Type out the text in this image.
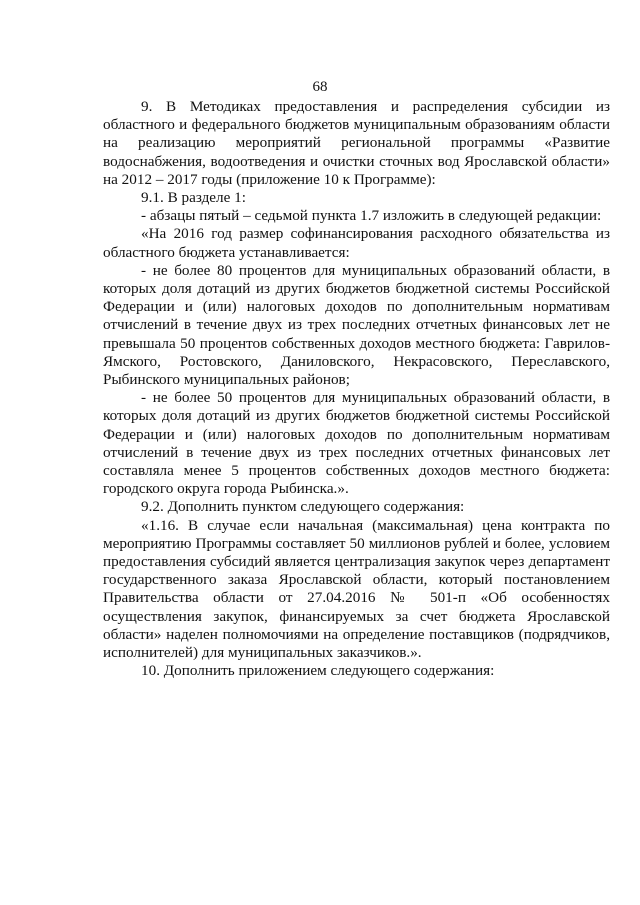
68

9. В Методиках предоставления и распределения субсидии из областного и федерального бюджетов муниципальным образованиям области на реализацию мероприятий региональной программы «Развитие водоснабжения, водоотведения и очистки сточных вод Ярославской области» на 2012 – 2017 годы (приложение 10 к Программе):

9.1. В разделе 1:

- абзацы пятый – седьмой пункта 1.7 изложить в следующей редакции:

«На 2016 год размер софинансирования расходного обязательства из областного бюджета устанавливается:

- не более 80 процентов для муниципальных образований области, в которых доля дотаций из других бюджетов бюджетной системы Российской Федерации и (или) налоговых доходов по дополнительным нормативам отчислений в течение двух из трех последних отчетных финансовых лет не превышала 50 процентов собственных доходов местного бюджета: Гаврилов-Ямского, Ростовского, Даниловского, Некрасовского, Переславского, Рыбинского муниципальных районов;

- не более 50 процентов для муниципальных образований области, в которых доля дотаций из других бюджетов бюджетной системы Российской Федерации и (или) налоговых доходов по дополнительным нормативам отчислений в течение двух из трех последних отчетных финансовых лет составляла менее 5 процентов собственных доходов местного бюджета: городского округа города Рыбинска.».

9.2. Дополнить пунктом следующего содержания:

«1.16. В случае если начальная (максимальная) цена контракта по мероприятию Программы составляет 50 миллионов рублей и более, условием предоставления субсидий является централизация закупок через департамент государственного заказа Ярославской области, который постановлением Правительства области от 27.04.2016 № 501-п «Об особенностях осуществления закупок, финансируемых за счет бюджета Ярославской области» наделен полномочиями на определение поставщиков (подрядчиков, исполнителей) для муниципальных заказчиков.».

10. Дополнить приложением следующего содержания:
